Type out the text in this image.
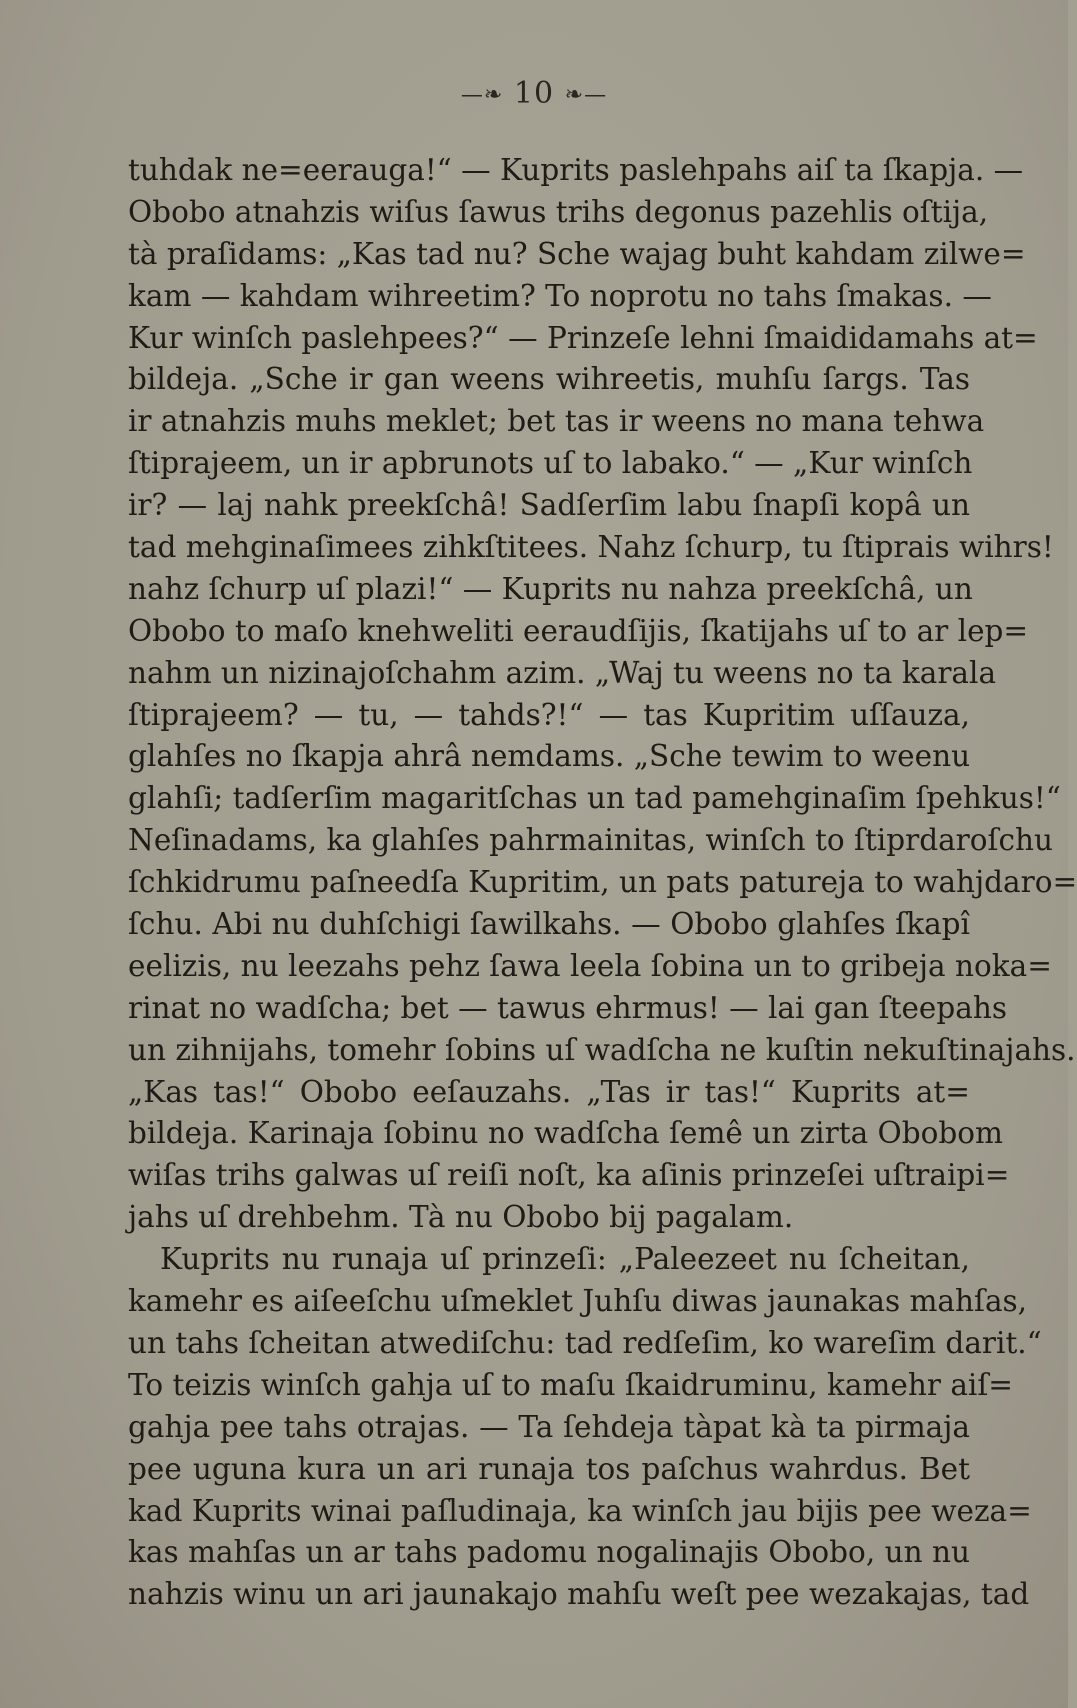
—❧ 10 ❧—
tuhdak ne=eerauga!“ — Kuprits paslehpahs aiſ ta ſkapja. —
Obobo atnahzis wiſus ſawus trihs degonus pazehlis oſtija,
tà praſidams: „Kas tad nu? Sche wajag buht kahdam zilwe=
kam — kahdam wihreetim? To noprotu no tahs ſmakas. —
Kur winſch paslehpees?“ — Prinzeſe lehni ſmaididamahs at=
bildeja. „Sche ir gan weens wihreetis, muhſu ſargs. Tas
ir atnahzis muhs meklet; bet tas ir weens no mana tehwa
ſtiprajeem, un ir apbrunots uſ to labako.“ — „Kur winſch
ir? — laj nahk preekſchâ! Sadſerſim labu ſnapſi kopâ un
tad mehginaſimees zihkſtitees. Nahz ſchurp, tu ſtiprais wihrs!
nahz ſchurp uſ plazi!“ — Kuprits nu nahza preekſchâ, un
Obobo to maſo knehweliti eeraudſijis, ſkatijahs uſ to ar lep=
nahm un nizinajoſchahm azim. „Waj tu weens no ta karala
ſtiprajeem? — tu, — tahds?!“ — tas Kupritim uſſauza,
glahſes no ſkapja ahrâ nemdams. „Sche tewim to weenu
glahſi; tadſerſim magaritſchas un tad pamehginaſim ſpehkus!“
Neſinadams, ka glahſes pahrmainitas, winſch to ſtiprdaroſchu
ſchkidrumu paſneedſa Kupritim, un pats patureja to wahjdaro=
ſchu. Abi nu duhſchigi ſawilkahs. — Obobo glahſes ſkapî
eelizis, nu leezahs pehz ſawa leela ſobina un to gribeja noka=
rinat no wadſcha; bet — tawus ehrmus! — lai gan ſteepahs
un zihnijahs, tomehr ſobins uſ wadſcha ne kuſtin nekuſtinajahs.
„Kas tas!“ Obobo eeſauzahs. „Tas ir tas!“ Kuprits at=
bildeja. Karinaja ſobinu no wadſcha ſemê un zirta Obobom
wiſas trihs galwas uſ reiſi noſt, ka aſinis prinzeſei uſtraipi=
jahs uſ drehbehm. Tà nu Obobo bij pagalam.
Kuprits nu runaja uſ prinzeſi: „Paleezeet nu ſcheitan,
kamehr es aiſeeſchu uſmeklet Juhſu diwas jaunakas mahſas,
un tahs ſcheitan atwediſchu: tad redſeſim, ko wareſim darit.“
To teizis winſch gahja uſ to maſu ſkaidruminu, kamehr aiſ=
gahja pee tahs otrajas. — Ta ſehdeja tàpat kà ta pirmaja
pee uguna kura un ari runaja tos paſchus wahrdus. Bet
kad Kuprits winai paſludinaja, ka winſch jau bijis pee weza=
kas mahſas un ar tahs padomu nogalinajis Obobo, un nu
nahzis winu un ari jaunakajo mahſu weſt pee wezakajas, tad
